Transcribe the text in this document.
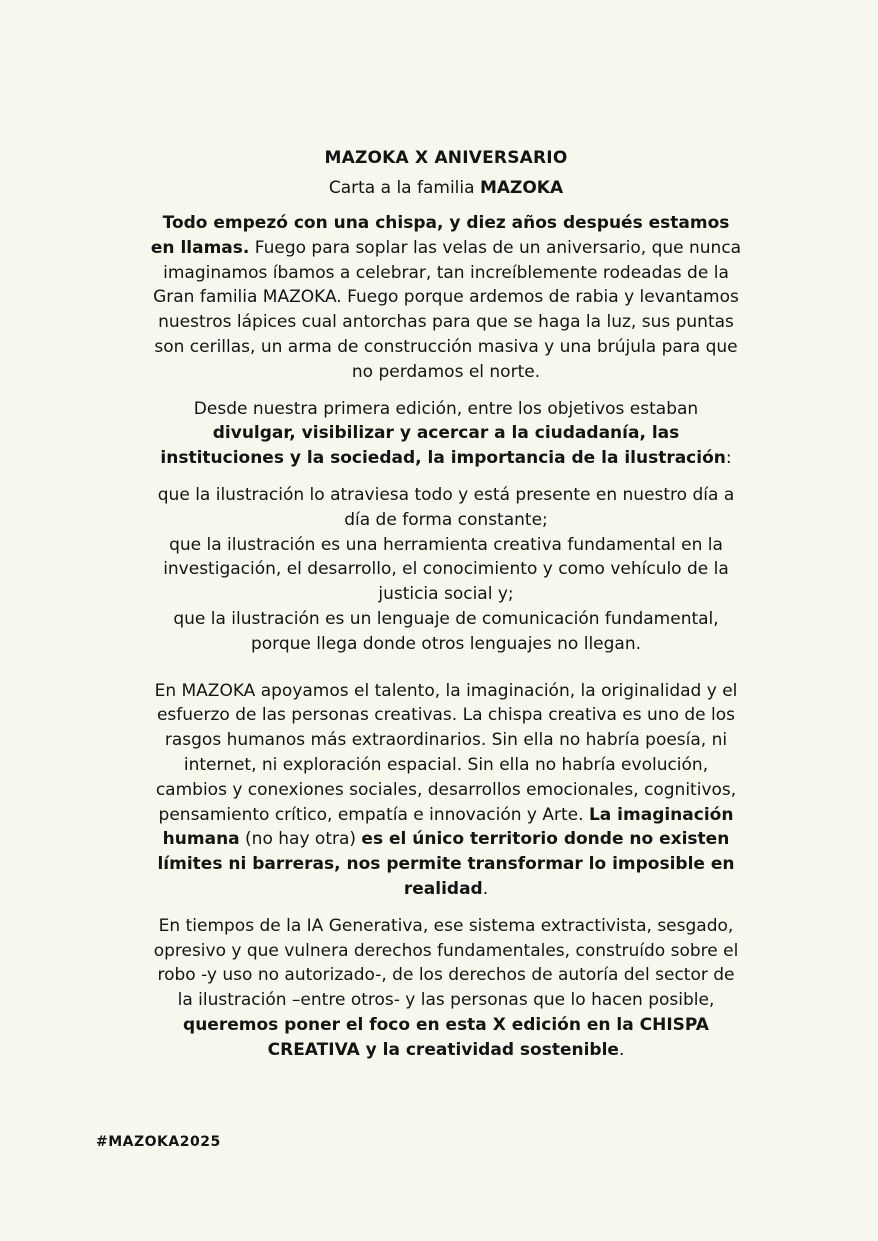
MAZOKA X ANIVERSARIO
Carta a la familia MAZOKA

Todo empezó con una chispa, y diez años después estamos en llamas. Fuego para soplar las velas de un aniversario, que nunca imaginamos íbamos a celebrar, tan increíblemente rodeadas de la Gran familia MAZOKA. Fuego porque ardemos de rabia y levantamos nuestros lápices cual antorchas para que se haga la luz, sus puntas son cerillas, un arma de construcción masiva y una brújula para que no perdamos el norte.

Desde nuestra primera edición, entre los objetivos estaban divulgar, visibilizar y acercar a la ciudadanía, las instituciones y la sociedad, la importancia de la ilustración:

que la ilustración lo atraviesa todo y está presente en nuestro día a día de forma constante;
que la ilustración es una herramienta creativa fundamental en la investigación, el desarrollo, el conocimiento y como vehículo de la justicia social y;
que la ilustración es un lenguaje de comunicación fundamental, porque llega donde otros lenguajes no llegan.

En MAZOKA apoyamos el talento, la imaginación, la originalidad y el esfuerzo de las personas creativas. La chispa creativa es uno de los rasgos humanos más extraordinarios. Sin ella no habría poesía, ni internet, ni exploración espacial. Sin ella no habría evolución, cambios y conexiones sociales, desarrollos emocionales, cognitivos, pensamiento crítico, empatía e innovación y Arte. La imaginación humana (no hay otra) es el único territorio donde no existen límites ni barreras, nos permite transformar lo imposible en realidad.

En tiempos de la IA Generativa, ese sistema extractivista, sesgado, opresivo y que vulnera derechos fundamentales, construído sobre el robo -y uso no autorizado-, de los derechos de autoría del sector de la ilustración –entre otros- y las personas que lo hacen posible, queremos poner el foco en esta X edición en la CHISPA CREATIVA y la creatividad sostenible.

#MAZOKA2025
